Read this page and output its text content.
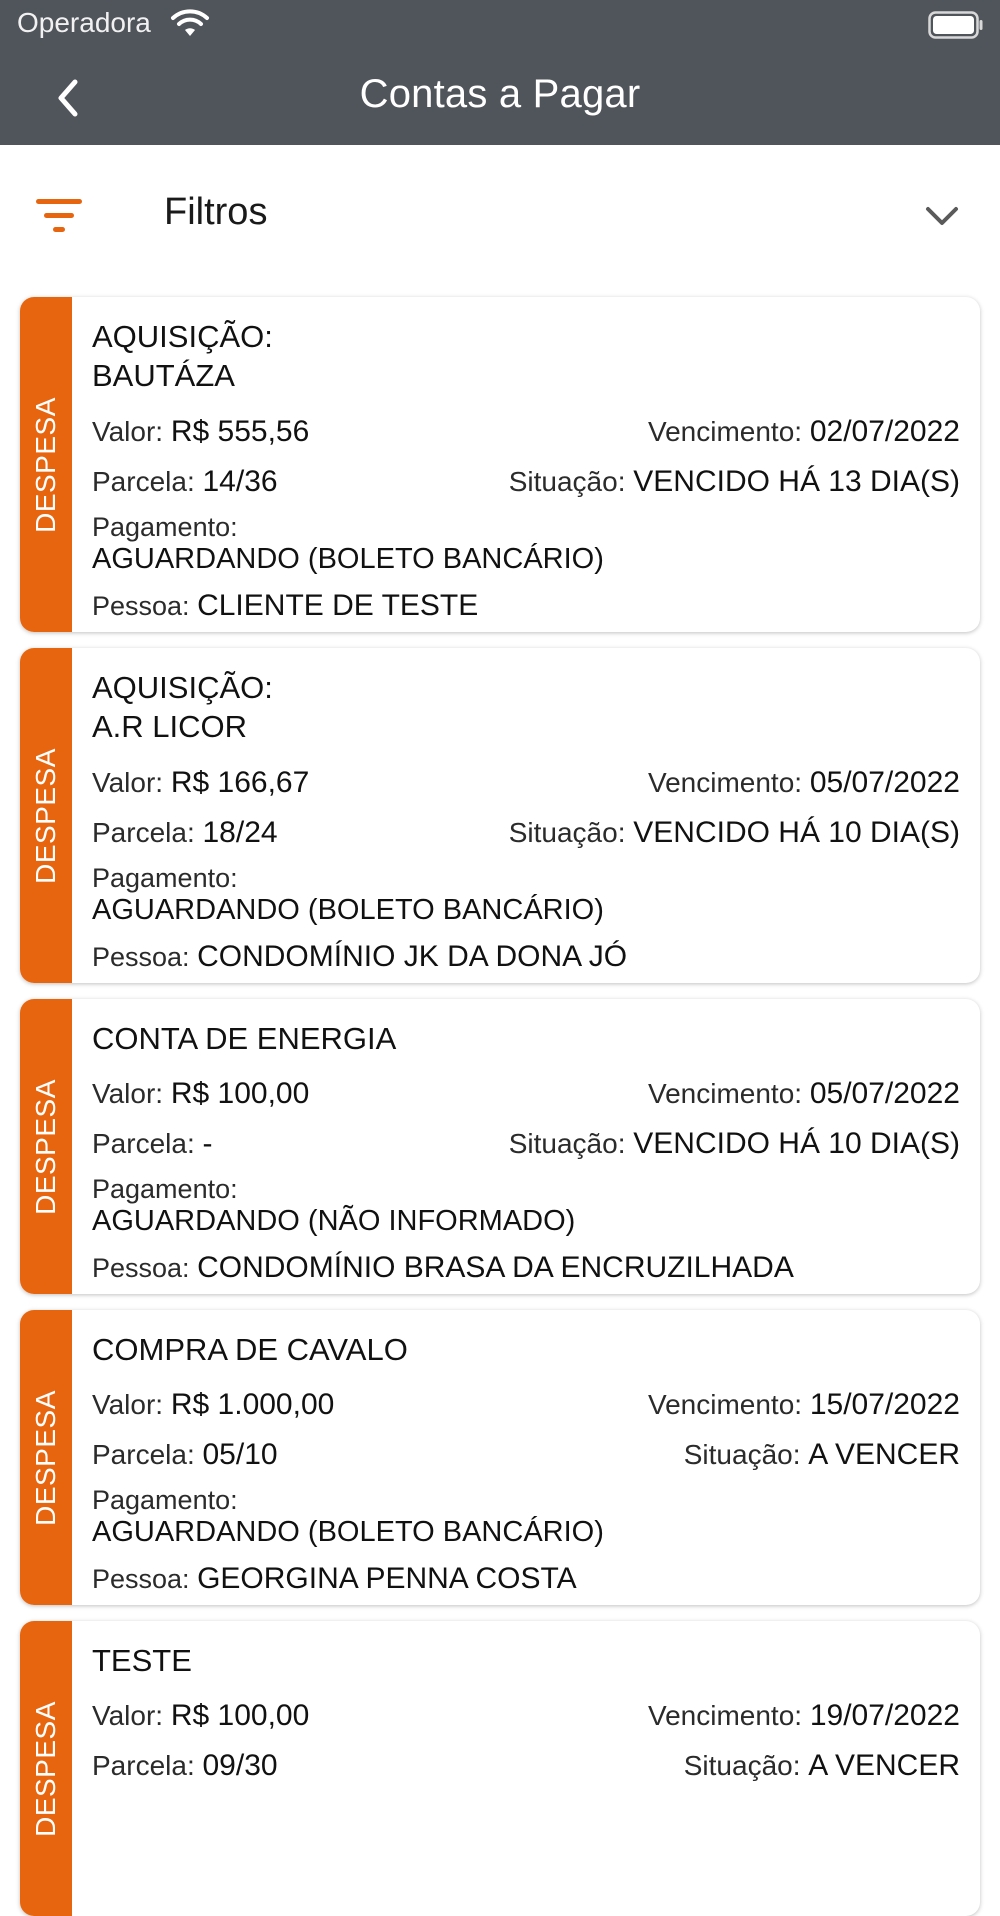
Operadora
Contas a Pagar
Filtros
DESPESA
AQUISIÇÃO:
BAUTÁZA
Valor: R$ 555,56	Vencimento: 02/07/2022
Parcela: 14/36	Situação: VENCIDO HÁ 13 DIA(S)
Pagamento:
AGUARDANDO (BOLETO BANCÁRIO)
Pessoa: CLIENTE DE TESTE
DESPESA
AQUISIÇÃO:
A.R LICOR
Valor: R$ 166,67	Vencimento: 05/07/2022
Parcela: 18/24	Situação: VENCIDO HÁ 10 DIA(S)
Pagamento:
AGUARDANDO (BOLETO BANCÁRIO)
Pessoa: CONDOMÍNIO JK DA DONA JÓ
DESPESA
CONTA DE ENERGIA
Valor: R$ 100,00	Vencimento: 05/07/2022
Parcela: -	Situação: VENCIDO HÁ 10 DIA(S)
Pagamento:
AGUARDANDO (NÃO INFORMADO)
Pessoa: CONDOMÍNIO BRASA DA ENCRUZILHADA
DESPESA
COMPRA DE CAVALO
Valor: R$ 1.000,00	Vencimento: 15/07/2022
Parcela: 05/10	Situação: A VENCER
Pagamento:
AGUARDANDO (BOLETO BANCÁRIO)
Pessoa: GEORGINA PENNA COSTA
DESPESA
TESTE
Valor: R$ 100,00	Vencimento: 19/07/2022
Parcela: 09/30	Situação: A VENCER
